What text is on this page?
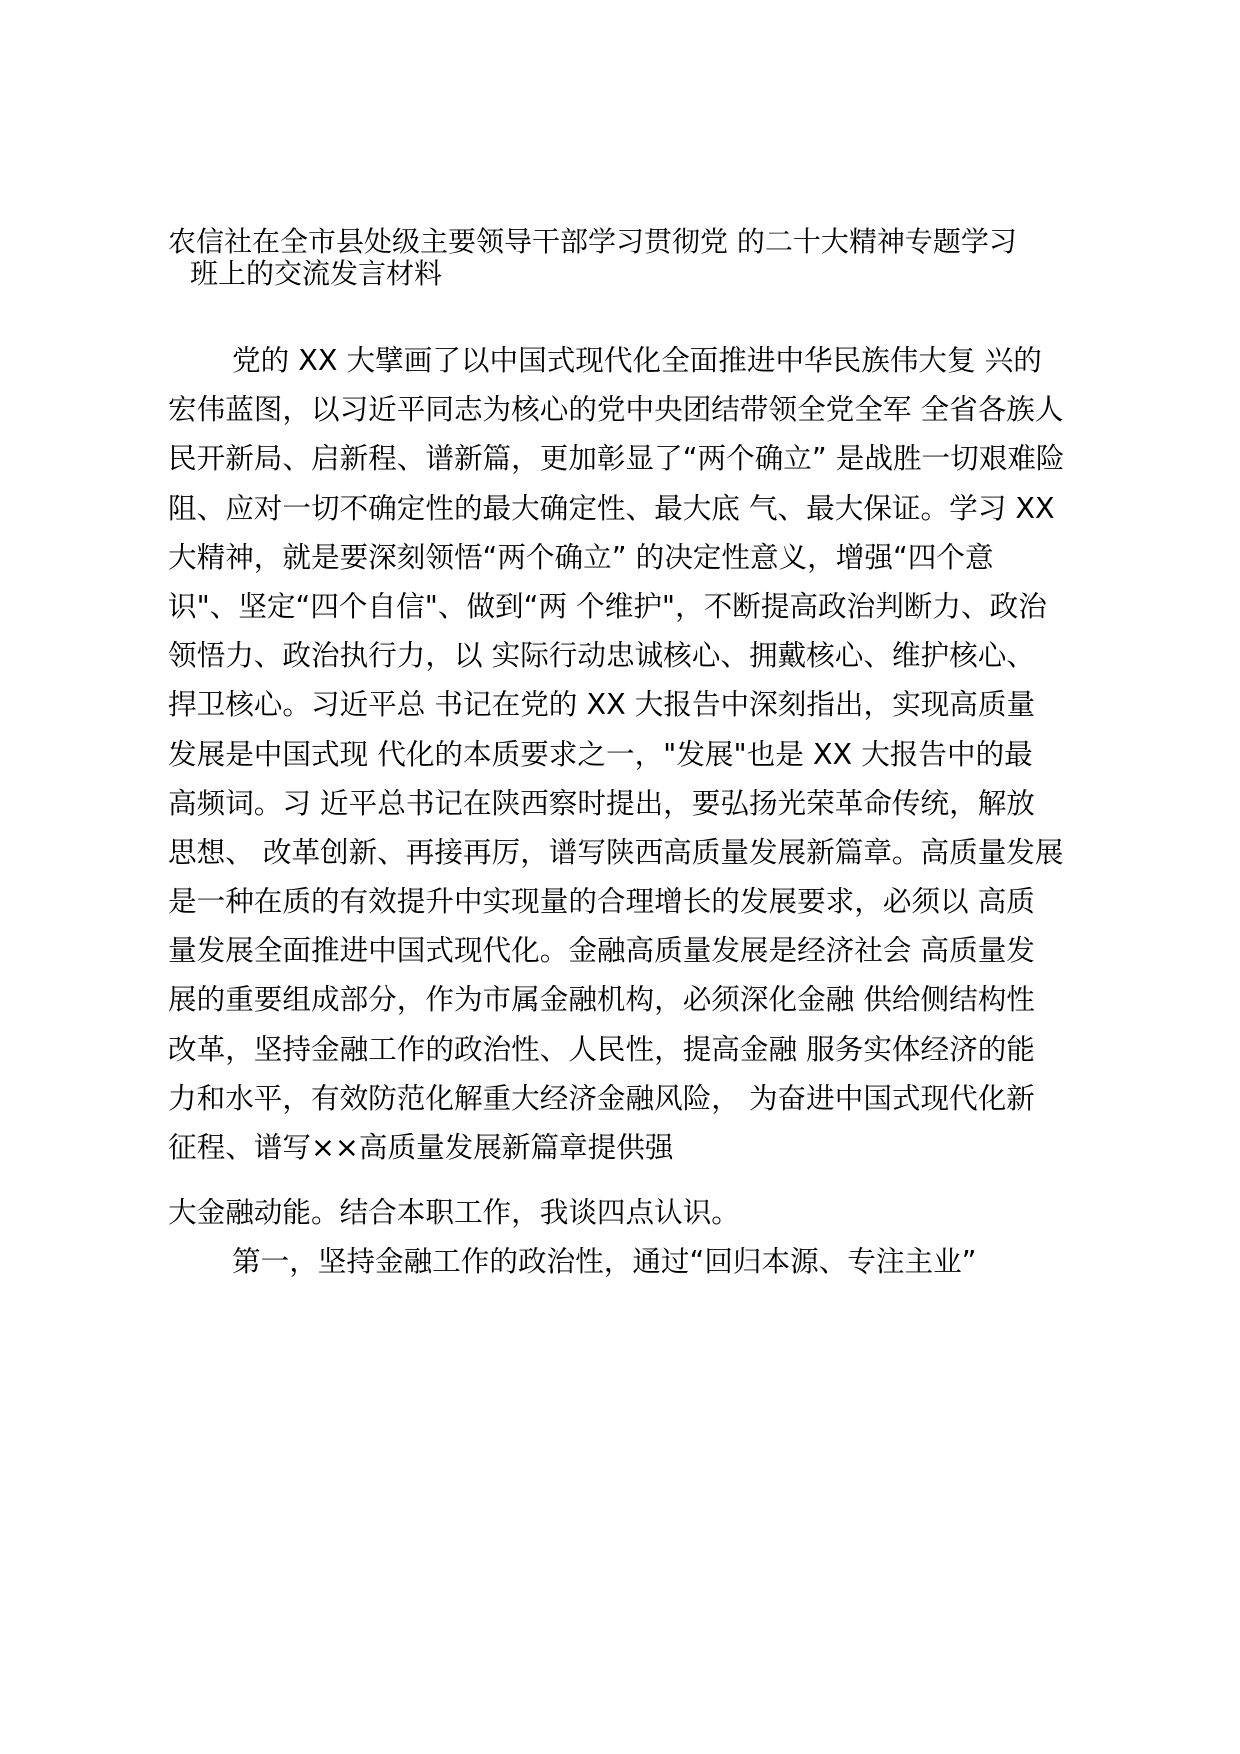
农信社在全市县处级主要领导干部学习贯彻党 的二十大精神专题学习
班上的交流发言材料
党的 XX 大擘画了以中国式现代化全面推进中华民族伟大复 兴的
宏伟蓝图，以习近平同志为核心的党中央团结带领全党全军 全省各族人
民开新局、启新程、谱新篇，更加彰显了“两个确立” 是战胜一切艰难险
阻、应对一切不确定性的最大确定性、最大底 气、最大保证。学习 XX
大精神，就是要深刻领悟“两个确立” 的决定性意义，增强“四个意
识"、坚定“四个自信"、做到“两 个维护"，不断提高政治判断力、政治
领悟力、政治执行力，以 实际行动忠诚核心、拥戴核心、维护核心、
捍卫核心。习近平总 书记在党的 XX 大报告中深刻指出，实现高质量
发展是中国式现 代化的本质要求之一，"发展"也是 XX 大报告中的最
高频词。习 近平总书记在陕西察时提出，要弘扬光荣革命传统，解放
思想、 改革创新、再接再厉，谱写陕西高质量发展新篇章。高质量发展
是一种在质的有效提升中实现量的合理增长的发展要求，必须以 高质
量发展全面推进中国式现代化。金融高质量发展是经济社会 高质量发
展的重要组成部分，作为市属金融机构，必须深化金融 供给侧结构性
改革，坚持金融工作的政治性、人民性，提高金融 服务实体经济的能
力和水平，有效防范化解重大经济金融风险， 为奋进中国式现代化新
征程、谱写××高质量发展新篇章提供强
大金融动能。结合本职工作，我谈四点认识。
第一，坚持金融工作的政治性，通过“回归本源、专注主业”
